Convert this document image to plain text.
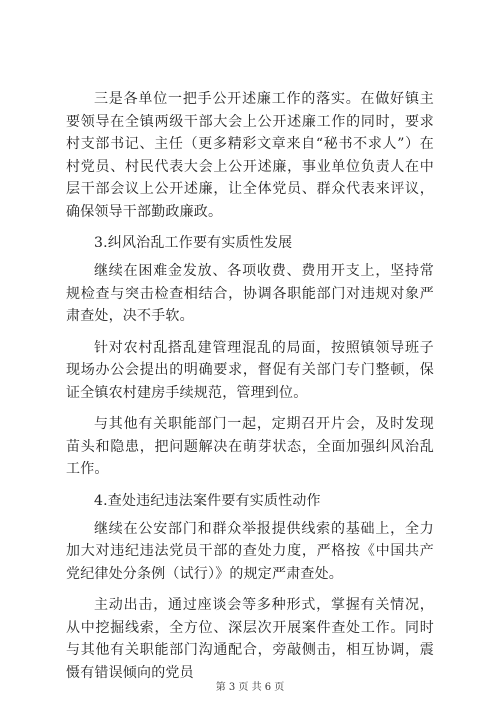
三是各单位一把手公开述廉工作的落实。在做好镇主要领导在全镇两级干部大会上公开述廉工作的同时，要求村支部书记、主任（更多精彩文章来自“秘书不求人”）在村党员、村民代表大会上公开述廉，事业单位负责人在中层干部会议上公开述廉，让全体党员、群众代表来评议，确保领导干部勤政廉政。

3.纠风治乱工作要有实质性发展

继续在困难金发放、各项收费、费用开支上，坚持常规检查与突击检查相结合，协调各职能部门对违规对象严肃查处，决不手软。

针对农村乱搭乱建管理混乱的局面，按照镇领导班子现场办公会提出的明确要求，督促有关部门专门整顿，保证全镇农村建房手续规范，管理到位。

与其他有关职能部门一起，定期召开片会，及时发现苗头和隐患，把问题解决在萌芽状态，全面加强纠风治乱工作。

4.查处违纪违法案件要有实质性动作

继续在公安部门和群众举报提供线索的基础上，全力加大对违纪违法党员干部的查处力度，严格按《中国共产党纪律处分条例（试行）》的规定严肃查处。

主动出击，通过座谈会等多种形式，掌握有关情况，从中挖掘线索，全方位、深层次开展案件查处工作。同时与其他有关职能部门沟通配合，旁敲侧击，相互协调，震慑有错误倾向的党员

第 3 页 共 6 页
